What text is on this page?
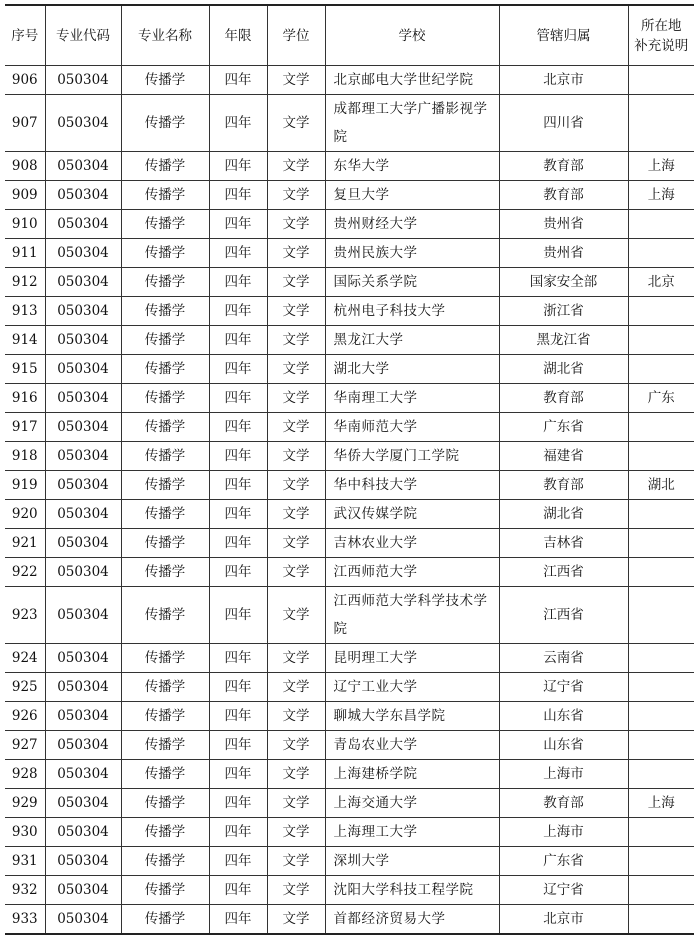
序号	专业代码	专业名称	年限	学位	学校	管辖归属	所在地
补充说明

906	050304	传播学	四年	文学	北京邮电大学世纪学院	北京市	
907	050304	传播学	四年	文学	成都理工大学广播影视学院	四川省	
908	050304	传播学	四年	文学	东华大学	教育部	上海
909	050304	传播学	四年	文学	复旦大学	教育部	上海
910	050304	传播学	四年	文学	贵州财经大学	贵州省	
911	050304	传播学	四年	文学	贵州民族大学	贵州省	
912	050304	传播学	四年	文学	国际关系学院	国家安全部	北京
913	050304	传播学	四年	文学	杭州电子科技大学	浙江省	
914	050304	传播学	四年	文学	黑龙江大学	黑龙江省	
915	050304	传播学	四年	文学	湖北大学	湖北省	
916	050304	传播学	四年	文学	华南理工大学	教育部	广东
917	050304	传播学	四年	文学	华南师范大学	广东省	
918	050304	传播学	四年	文学	华侨大学厦门工学院	福建省	
919	050304	传播学	四年	文学	华中科技大学	教育部	湖北
920	050304	传播学	四年	文学	武汉传媒学院	湖北省	
921	050304	传播学	四年	文学	吉林农业大学	吉林省	
922	050304	传播学	四年	文学	江西师范大学	江西省	
923	050304	传播学	四年	文学	江西师范大学科学技术学院	江西省	
924	050304	传播学	四年	文学	昆明理工大学	云南省	
925	050304	传播学	四年	文学	辽宁工业大学	辽宁省	
926	050304	传播学	四年	文学	聊城大学东昌学院	山东省	
927	050304	传播学	四年	文学	青岛农业大学	山东省	
928	050304	传播学	四年	文学	上海建桥学院	上海市	
929	050304	传播学	四年	文学	上海交通大学	教育部	上海
930	050304	传播学	四年	文学	上海理工大学	上海市	
931	050304	传播学	四年	文学	深圳大学	广东省	
932	050304	传播学	四年	文学	沈阳大学科技工程学院	辽宁省	
933	050304	传播学	四年	文学	首都经济贸易大学	北京市	
